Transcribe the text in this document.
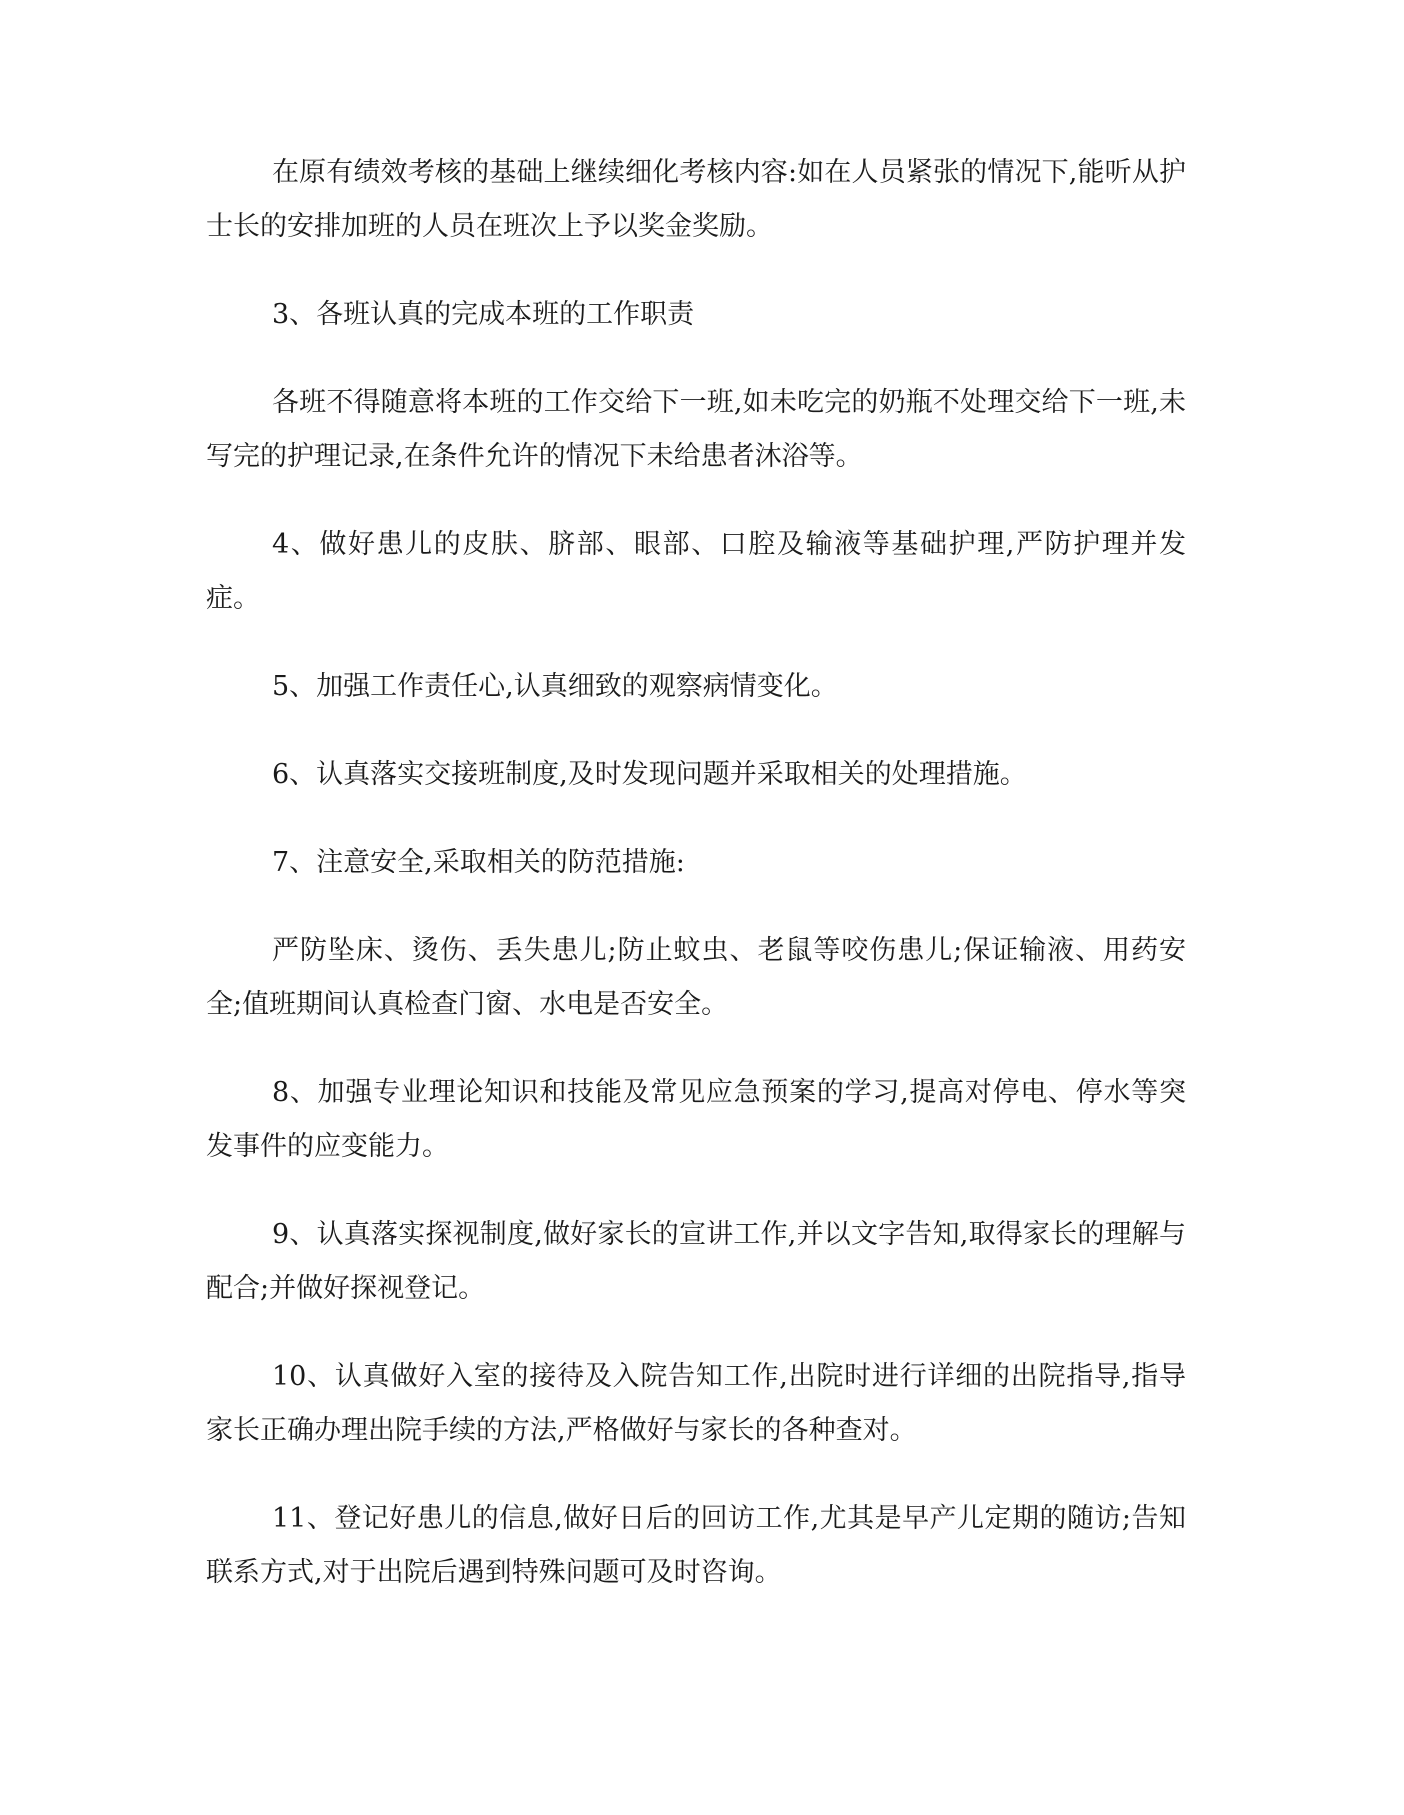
在原有绩效考核的基础上继续细化考核内容:如在人员紧张的情况下,能听从护士长的安排加班的人员在班次上予以奖金奖励。

3、各班认真的完成本班的工作职责

各班不得随意将本班的工作交给下一班,如未吃完的奶瓶不处理交给下一班,未写完的护理记录,在条件允许的情况下未给患者沐浴等。

4、做好患儿的皮肤、脐部、眼部、口腔及输液等基础护理,严防护理并发症。

5、加强工作责任心,认真细致的观察病情变化。

6、认真落实交接班制度,及时发现问题并采取相关的处理措施。

7、注意安全,采取相关的防范措施:

严防坠床、烫伤、丢失患儿;防止蚊虫、老鼠等咬伤患儿;保证输液、用药安全;值班期间认真检查门窗、水电是否安全。

8、加强专业理论知识和技能及常见应急预案的学习,提高对停电、停水等突发事件的应变能力。

9、认真落实探视制度,做好家长的宣讲工作,并以文字告知,取得家长的理解与配合;并做好探视登记。

10、认真做好入室的接待及入院告知工作,出院时进行详细的出院指导,指导家长正确办理出院手续的方法,严格做好与家长的各种查对。

11、登记好患儿的信息,做好日后的回访工作,尤其是早产儿定期的随访;告知联系方式,对于出院后遇到特殊问题可及时咨询。
